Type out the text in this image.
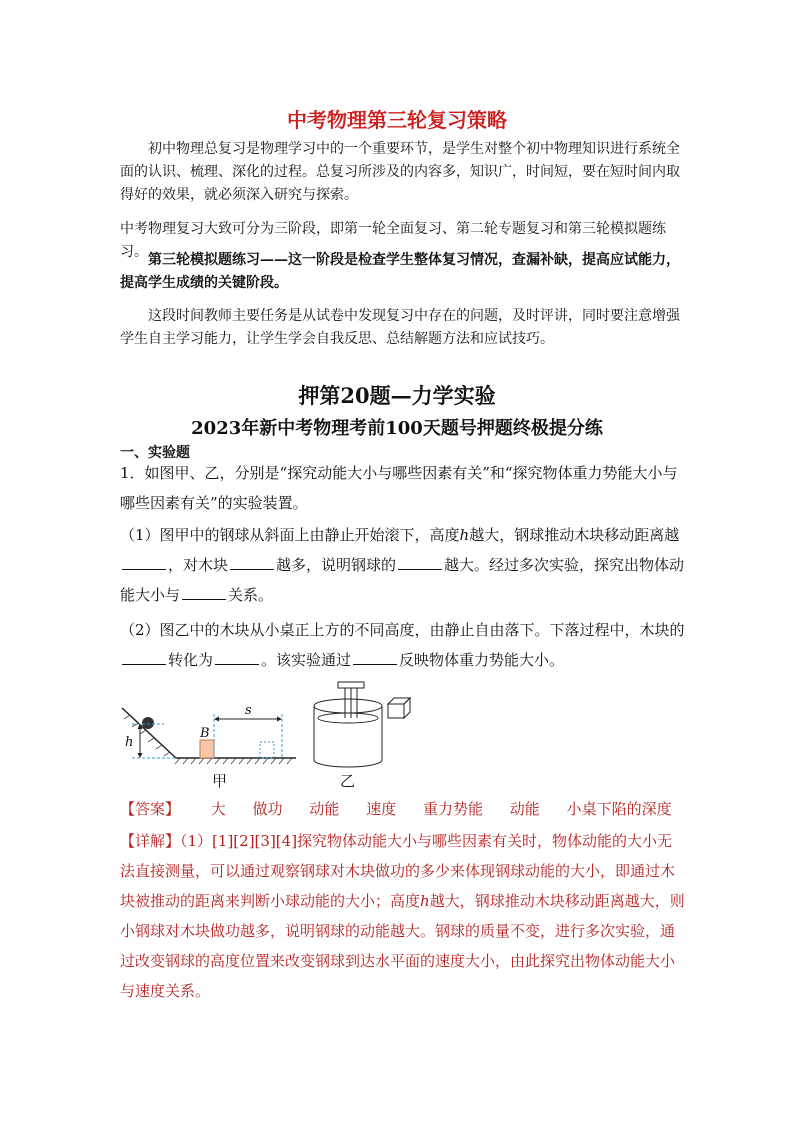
中考物理第三轮复习策略

初中物理总复习是物理学习中的一个重要环节，是学生对整个初中物理知识进行系统全面的认识、梳理、深化的过程。总复习所涉及的内容多，知识广，时间短，要在短时间内取得好的效果，就必须深入研究与探索。

中考物理复习大致可分为三阶段，即第一轮全面复习、第二轮专题复习和第三轮模拟题练习。 第三轮模拟题练习——这一阶段是检查学生整体复习情况，查漏补缺，提高应试能力，提高学生成绩的关键阶段。

这段时间教师主要任务是从试卷中发现复习中存在的问题，及时评讲，同时要注意增强学生自主学习能力，让学生学会自我反思、总结解题方法和应试技巧。

押第20题—力学实验
2023年新中考物理考前100天题号押题终极提分练
一、实验题

1．如图甲、乙，分别是“探究动能大小与哪些因素有关”和“探究物体重力势能大小与哪些因素有关”的实验装置。

（1）图甲中的钢球从斜面上由静止开始滚下，高度h越大，钢球推动木块移动距离越，对木块	越多，说明钢球的	越大。经过多次实验，探究出物体动能大小与	关系。

（2）图乙中的木块从小桌正上方的不同高度，由静止自由落下。下落过程中，木块的转化为	。该实验通过	反映物体重力势能大小。

h
B
s
甲	乙
【答案】 大 做功 动能 速度 重力势能 动能 小桌下陷的深度

【详解】（1）[1][2][3][4]探究物体动能大小与哪些因素有关时，物体动能的大小无法直接测量，可以通过观察钢球对木块做功的多少来体现钢球动能的大小，即通过木块被推动的距离来判断小球动能的大小；高度h越大，钢球推动木块移动距离越大，则小钢球对木块做功越多，说明钢球的动能越大。钢球的质量不变，进行多次实验，通过改变钢球的高度位置来改变钢球到达水平面的速度大小，由此探究出物体动能大小与速度关系。
